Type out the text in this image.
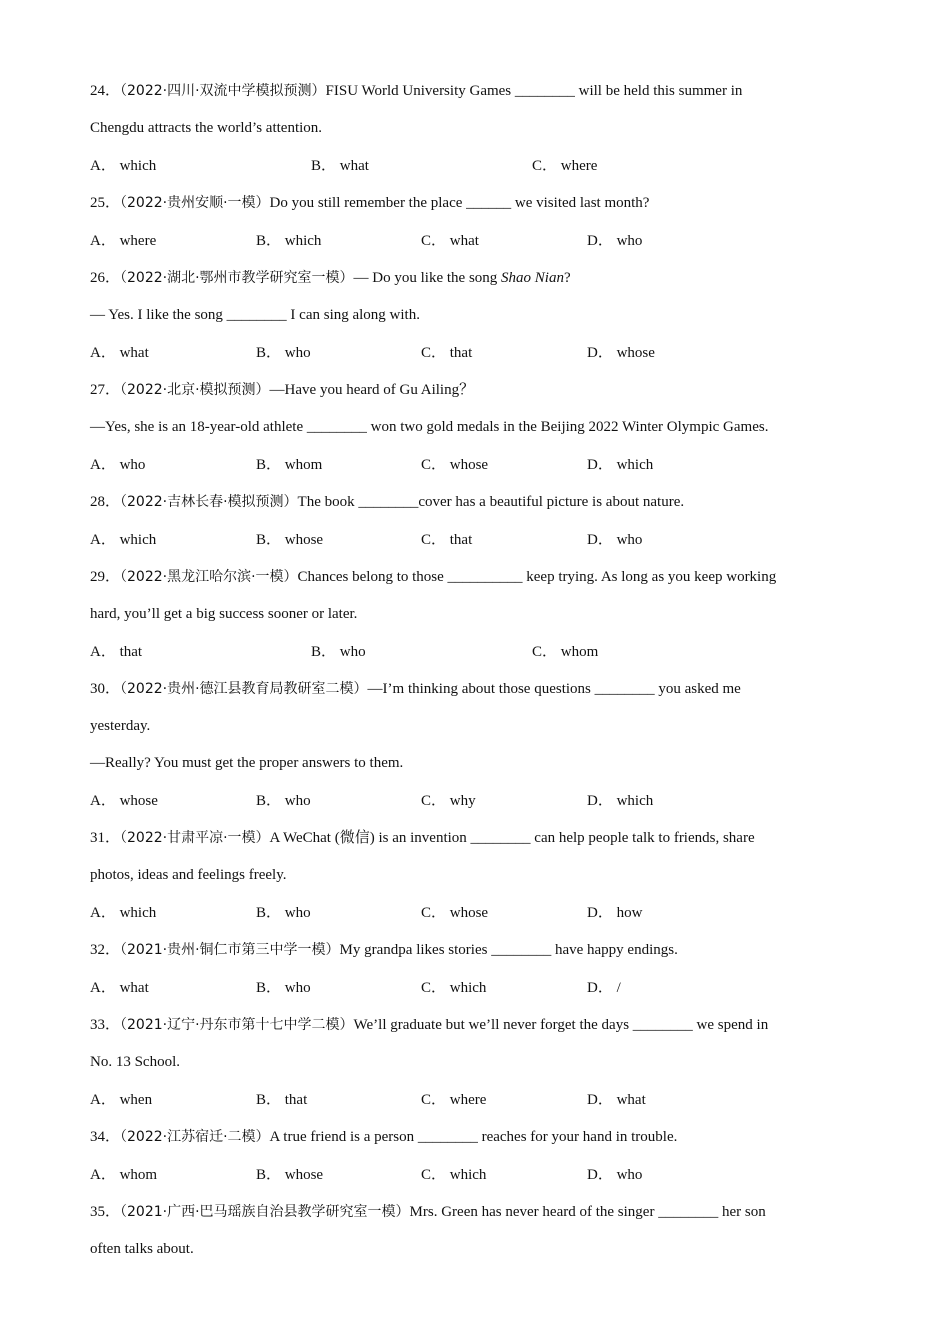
24．（2022·四川·双流中学模拟预测）FISU World University Games ________ will be held this summer in
Chengdu attracts the world’s attention.
A． which	B． what	C． where
25．（2022·贵州安顺·一模）Do you still remember the place ______ we visited last month?
A． where	B． which	C． what	D． who
26．（2022·湖北·鄂州市教学研究室一模）— Do you like the song Shao Nian?
— Yes. I like the song ________ I can sing along with.
A． what	B． who	C． that	D． whose
27．（2022·北京·模拟预测）—Have you heard of Gu Ailing？
—Yes, she is an 18-year-old athlete ________ won two gold medals in the Beijing 2022 Winter Olympic Games.
A． who	B． whom	C． whose	D． which
28．（2022·吉林长春·模拟预测）The book ________cover has a beautiful picture is about nature.
A． which	B． whose	C． that	D． who
29．（2022·黑龙江哈尔滨·一模）Chances belong to those __________ keep trying. As long as you keep working
hard, you’ll get a big success sooner or later.
A． that	B． who	C． whom
30．（2022·贵州·德江县教育局教研室二模）—I’m thinking about those questions ________ you asked me
yesterday.
—Really? You must get the proper answers to them.
A． whose	B． who	C． why	D． which
31．（2022·甘肃平凉·一模）A WeChat (微信) is an invention ________ can help people talk to friends, share
photos, ideas and feelings freely.
A． which	B． who	C． whose	D． how
32．（2021·贵州·铜仁市第三中学一模）My grandpa likes stories ________ have happy endings.
A． what	B． who	C． which	D． /
33．（2021·辽宁·丹东市第十七中学二模）We’ll graduate but we’ll never forget the days ________ we spend in
No. 13 School.
A． when	B． that	C． where	D． what
34．（2022·江苏宿迁·二模）A true friend is a person ________ reaches for your hand in trouble.
A． whom	B． whose	C． which	D． who
35．（2021·广西·巴马瑶族自治县教学研究室一模）Mrs. Green has never heard of the singer ________ her son
often talks about.
